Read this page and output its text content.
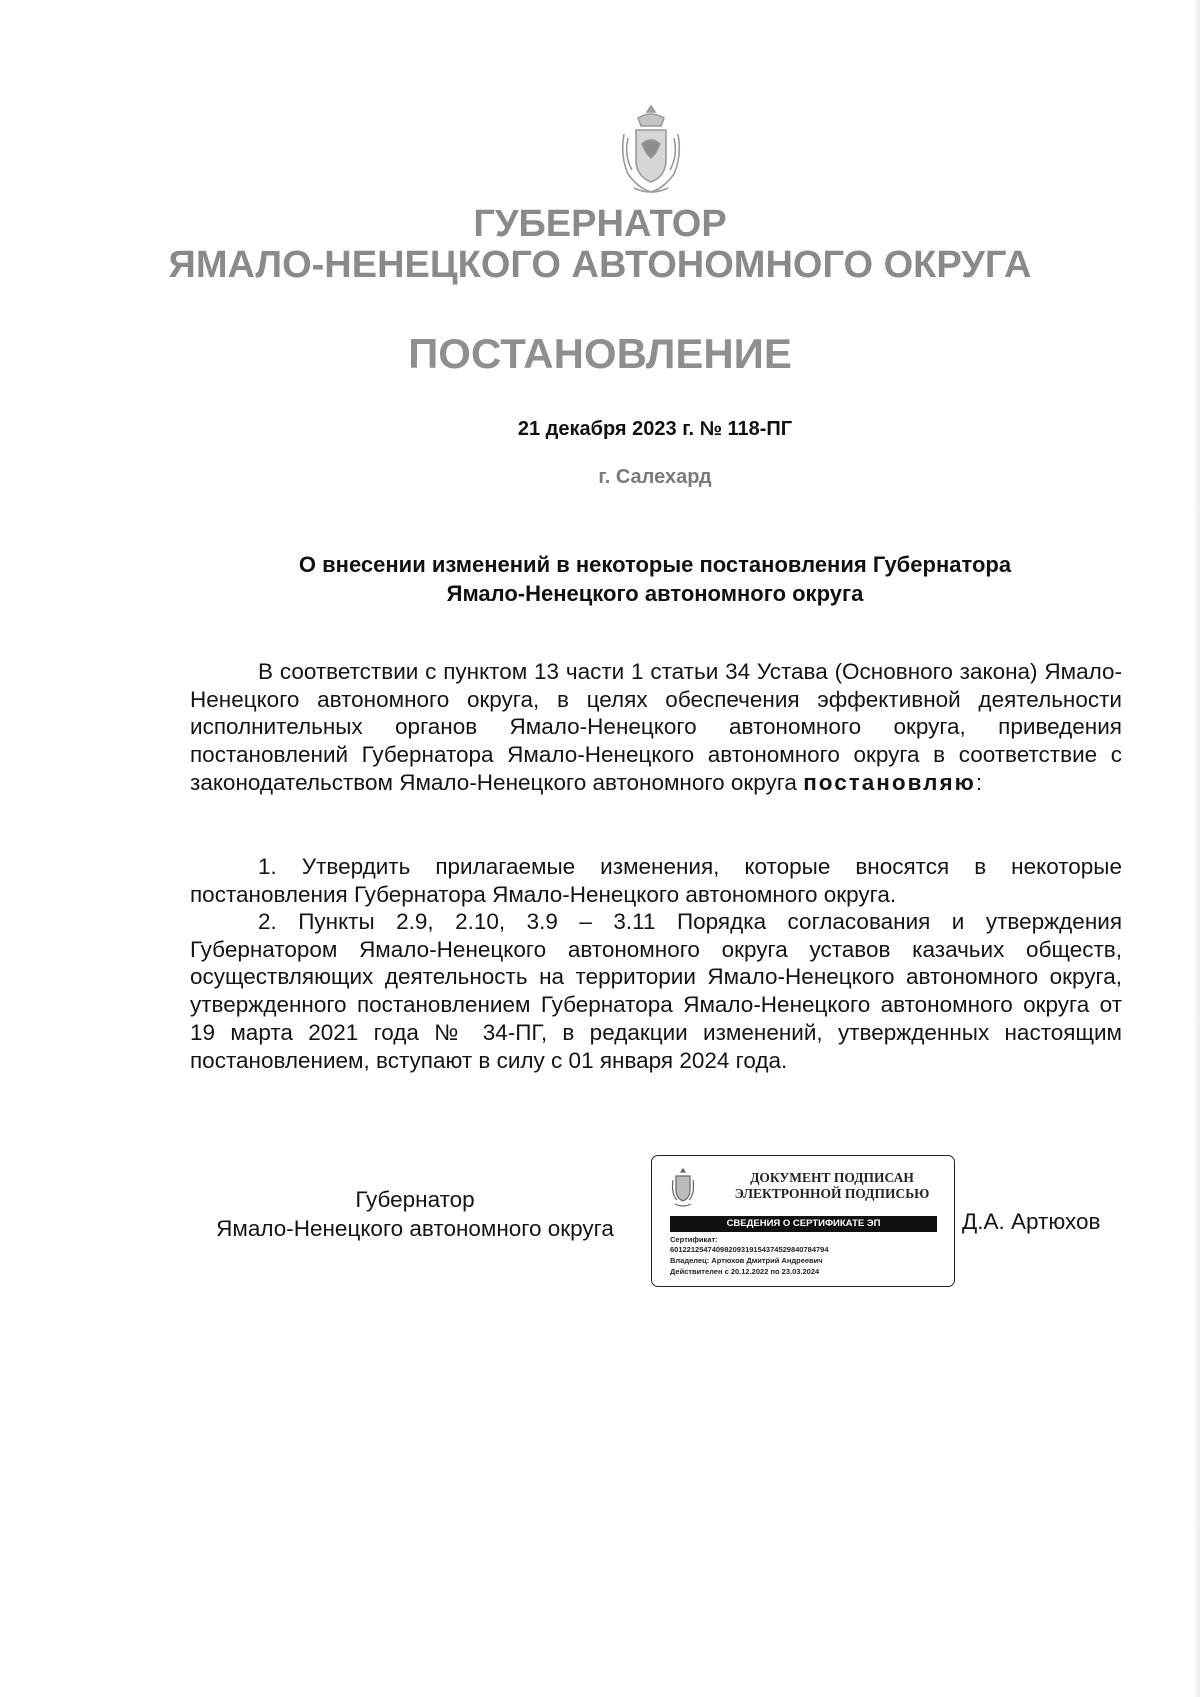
ГУБЕРНАТОР

ЯМАЛО-НЕНЕЦКОГО АВТОНОМНОГО ОКРУГА

ПОСТАНОВЛЕНИЕ

21 декабря 2023 г. № 118-ПГ
г. Салехард
О внесении изменений в некоторые постановления Губернатора
Ямало-Ненецкого автономного округа

В соответствии с пунктом 13 части 1 статьи 34 Устава (Основного закона) Ямало-Ненецкого автономного округа, в целях обеспечения эффективной деятельности исполнительных органов Ямало-Ненецкого автономного округа, приведения постановлений Губернатора Ямало-Ненецкого автономного округа в соответствие с законодательством Ямало-Ненецкого автономного округа постановляю:

1. Утвердить прилагаемые изменения, которые вносятся в некоторые постановления Губернатора Ямало-Ненецкого автономного округа.

2. Пункты 2.9, 2.10, 3.9 – 3.11 Порядка согласования и утверждения Губернатором Ямало-Ненецкого автономного округа уставов казачьих обществ, осуществляющих деятельность на территории Ямало-Ненецкого автономного округа, утвержденного постановлением Губернатора Ямало-Ненецкого автономного округа от 19 марта 2021 года № 34-ПГ, в редакции изменений, утвержденных настоящим постановлением, вступают в силу с 01 января 2024 года.

Губернатор
Ямало-Ненецкого автономного округа
ДОКУМЕНТ ПОДПИСАН
ЭЛЕКТРОННОЙ ПОДПИСЬЮ
СВЕДЕНИЯ О СЕРТИФИКАТЕ ЭП
Сертификат:
60122125474098209319154374529840784794
Владелец: Артюхов Дмитрий Андреевич
Действителен с 20.12.2022 по 23.03.2024
Д.А. Артюхов
